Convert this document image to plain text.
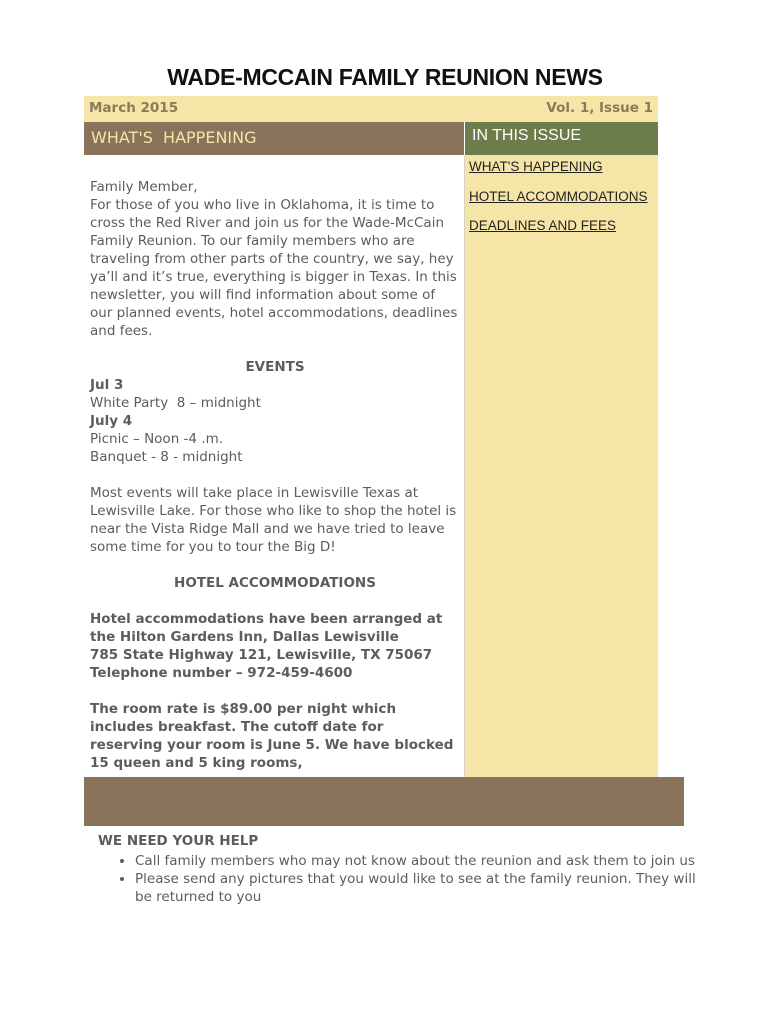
WADE-MCCAIN FAMILY REUNION NEWS
March 2015	Vol. 1, Issue 1
WHAT'S  HAPPENING	IN THIS ISSUE
WHAT'S HAPPENING
HOTEL ACCOMMODATIONS
DEADLINES AND FEES

Family Member,

For those of you who live in Oklahoma, it is time to cross the Red River and join us for the Wade-McCain Family Reunion. To our family members who are traveling from other parts of the country, we say, hey ya’ll and it’s true, everything is bigger in Texas. In this newsletter, you will find information about some of our planned events, hotel accommodations, deadlines and fees.

EVENTS

Jul 3

White Party  8 – midnight

July 4

Picnic – Noon -4 .m.

Banquet - 8 - midnight

Most events will take place in Lewisville Texas at Lewisville Lake. For those who like to shop the hotel is near the Vista Ridge Mall and we have tried to leave some time for you to tour the Big D!

HOTEL ACCOMMODATIONS

Hotel accommodations have been arranged at the Hilton Gardens Inn, Dallas Lewisville

785 State Highway 121, Lewisville, TX 75067

Telephone number – 972-459-4600

The room rate is $89.00 per night which includes breakfast. The cutoff date for reserving your room is June 5. We have blocked 15 queen and 5 king rooms,

WE NEED YOUR HELP
• Call family members who may not know about the reunion and ask them to join us
• Please send any pictures that you would like to see at the family reunion. They will be returned to you
